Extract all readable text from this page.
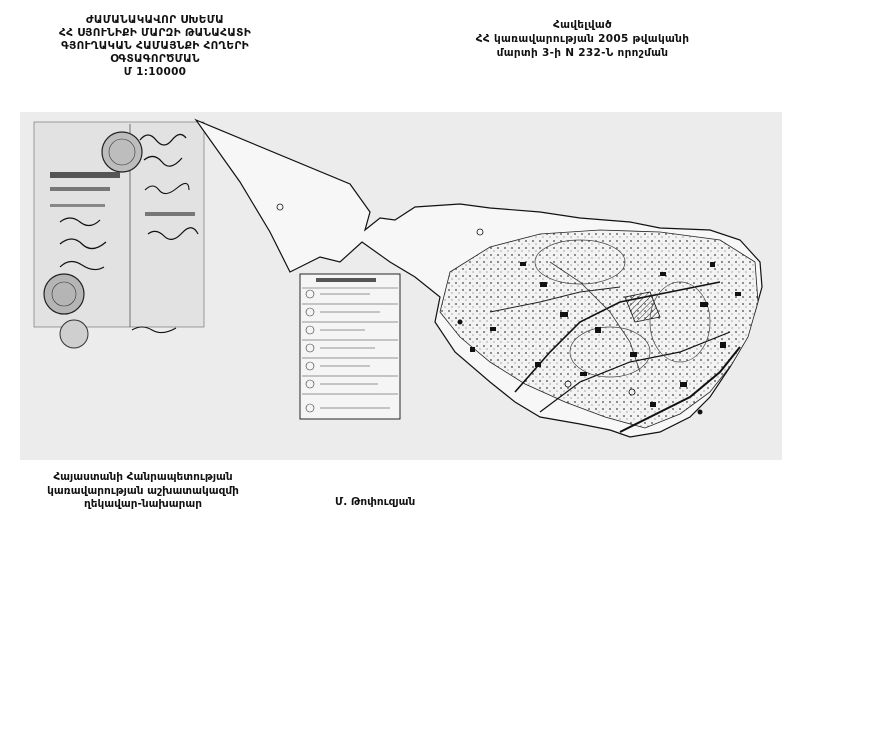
ԺԱՄԱՆԱԿԱՎՈՐ ՍԽԵՄԱ
ՀՀ ՍՅՈՒՆԻՔԻ ՄԱՐԶԻ ԹԱՆԱՀԱՏԻ
ԳՅՈՒՂԱԿԱՆ ՀԱՄԱՅՆՔԻ ՀՈՂԵՐԻ
ՕԳՏԱԳՈՐԾՄԱՆ
Մ 1:10000
Հավելված
ՀՀ կառավարության 2005 թվականի
մարտի 3-ի N 232-Ն որոշման
Հայաստանի Հանրապետության
կառավարության աշխատակազմի
ղեկավար-նախարար	Մ. Թոփուզյան
